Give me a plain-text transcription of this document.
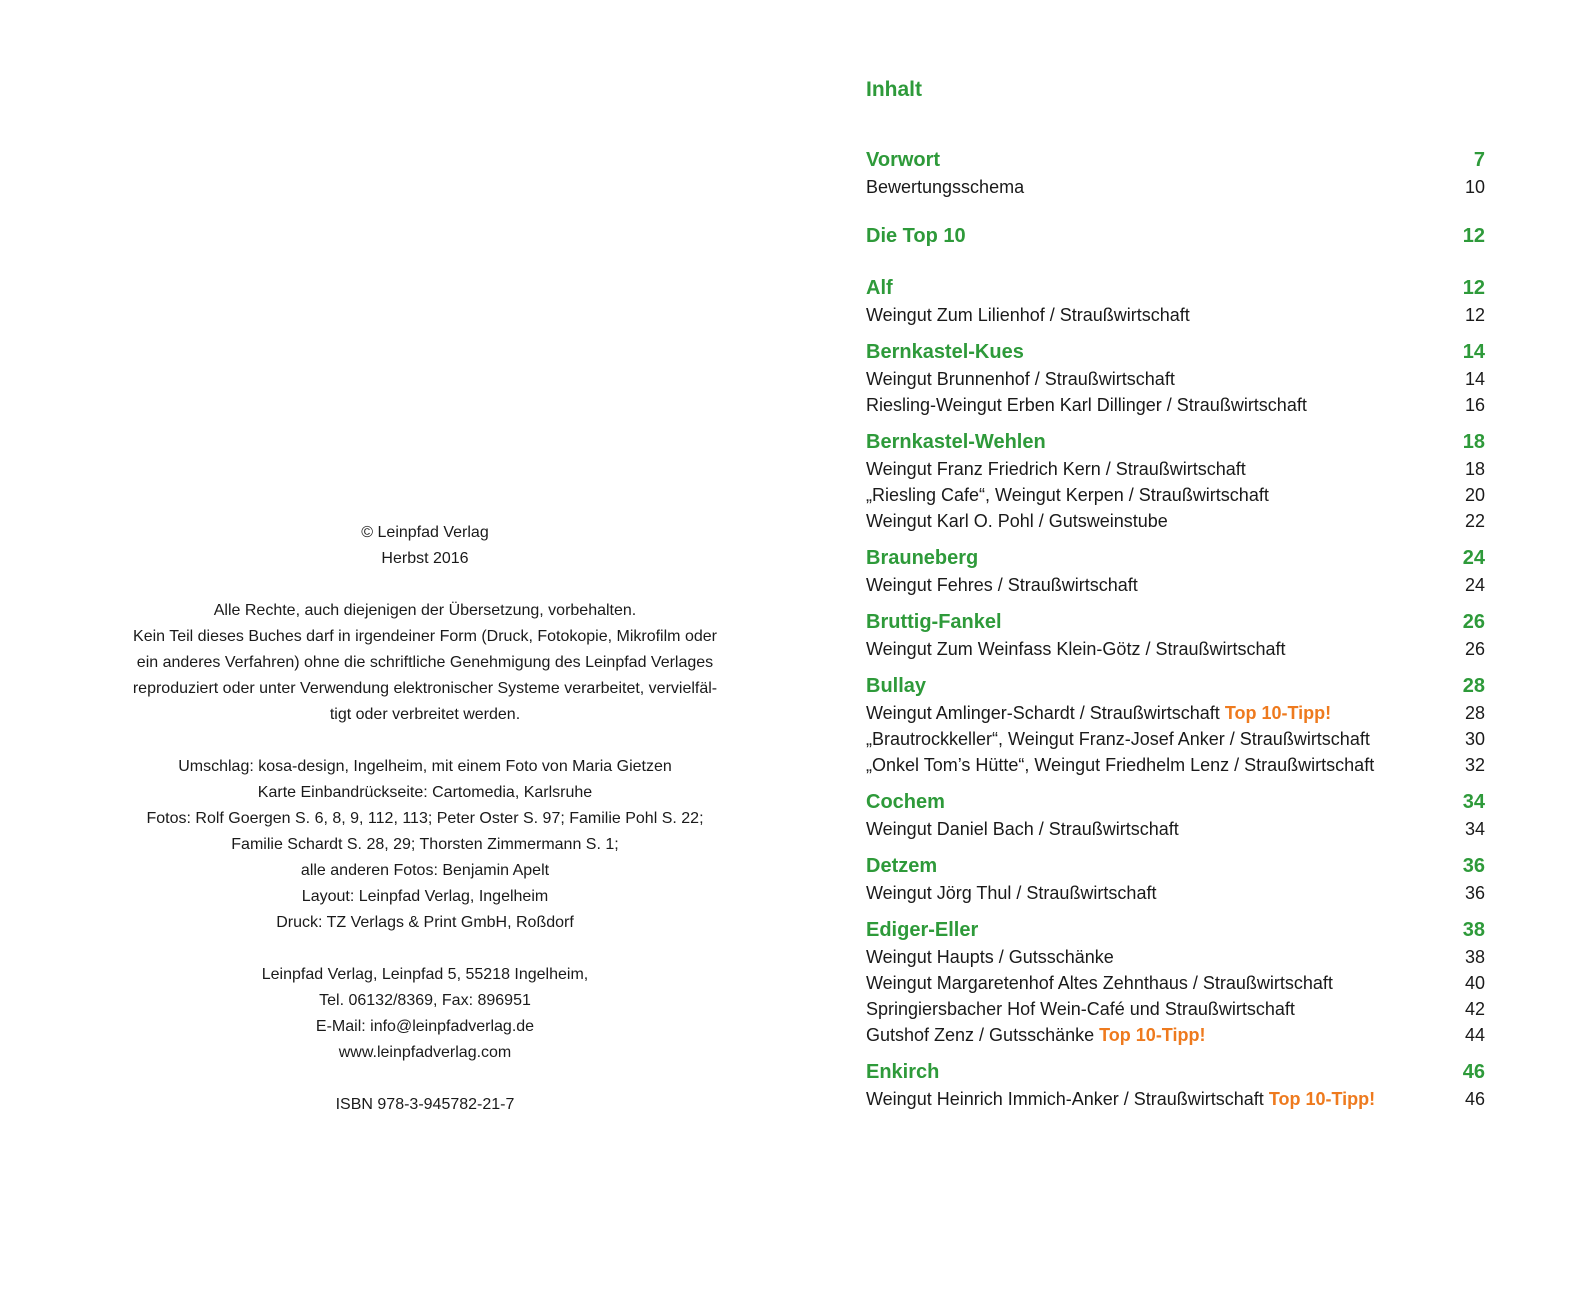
© Leinpfad Verlag

Herbst 2016

Alle Rechte, auch diejenigen der Übersetzung, vorbehalten.

Kein Teil dieses Buches darf in irgendeiner Form (Druck, Fotokopie, Mikrofilm oder

ein anderes Verfahren) ohne die schriftliche Genehmigung des Leinpfad Verlages

reproduziert oder unter Verwendung elektronischer Systeme verarbeitet, vervielfäl-

tigt oder verbreitet werden.

Umschlag: kosa-design, Ingelheim, mit einem Foto von Maria Gietzen

Karte Einbandrückseite: Cartomedia, Karlsruhe

Fotos: Rolf Goergen S. 6, 8, 9, 112, 113; Peter Oster S. 97; Familie Pohl S. 22;

Familie Schardt S. 28, 29; Thorsten Zimmermann S. 1;

alle anderen Fotos: Benjamin Apelt

Layout: Leinpfad Verlag, Ingelheim

Druck: TZ Verlags & Print GmbH, Roßdorf

Leinpfad Verlag, Leinpfad 5, 55218 Ingelheim,

Tel. 06132/8369, Fax: 896951

E-Mail: info@leinpfadverlag.de

www.leinpfadverlag.com

ISBN 978-3-945782-21-7

Inhalt
Vorwort	7
Bewertungsschema	10
Die Top 10	12
Alf	12
Weingut Zum Lilienhof / Straußwirtschaft	12
Bernkastel-Kues	14
Weingut Brunnenhof / Straußwirtschaft	14
Riesling-Weingut Erben Karl Dillinger / Straußwirtschaft	16
Bernkastel-Wehlen	18
Weingut Franz Friedrich Kern / Straußwirtschaft	18
„Riesling Cafe“, Weingut Kerpen / Straußwirtschaft	20
Weingut Karl O. Pohl / Gutsweinstube	22
Brauneberg	24
Weingut Fehres / Straußwirtschaft	24
Bruttig-Fankel	26
Weingut Zum Weinfass Klein-Götz / Straußwirtschaft	26
Bullay	28
Weingut Amlinger-Schardt / Straußwirtschaft Top 10-Tipp!	28
„Brautrockkeller“, Weingut Franz-Josef Anker / Straußwirtschaft	30
„Onkel Tom’s Hütte“, Weingut Friedhelm Lenz / Straußwirtschaft	32
Cochem	34
Weingut Daniel Bach / Straußwirtschaft	34
Detzem	36
Weingut Jörg Thul / Straußwirtschaft	36
Ediger-Eller	38
Weingut Haupts / Gutsschänke	38
Weingut Margaretenhof Altes Zehnthaus / Straußwirtschaft	40
Springiersbacher Hof Wein-Café und Straußwirtschaft	42
Gutshof Zenz / Gutsschänke Top 10-Tipp!	44
Enkirch	46
Weingut Heinrich Immich-Anker / Straußwirtschaft Top 10-Tipp!	46
